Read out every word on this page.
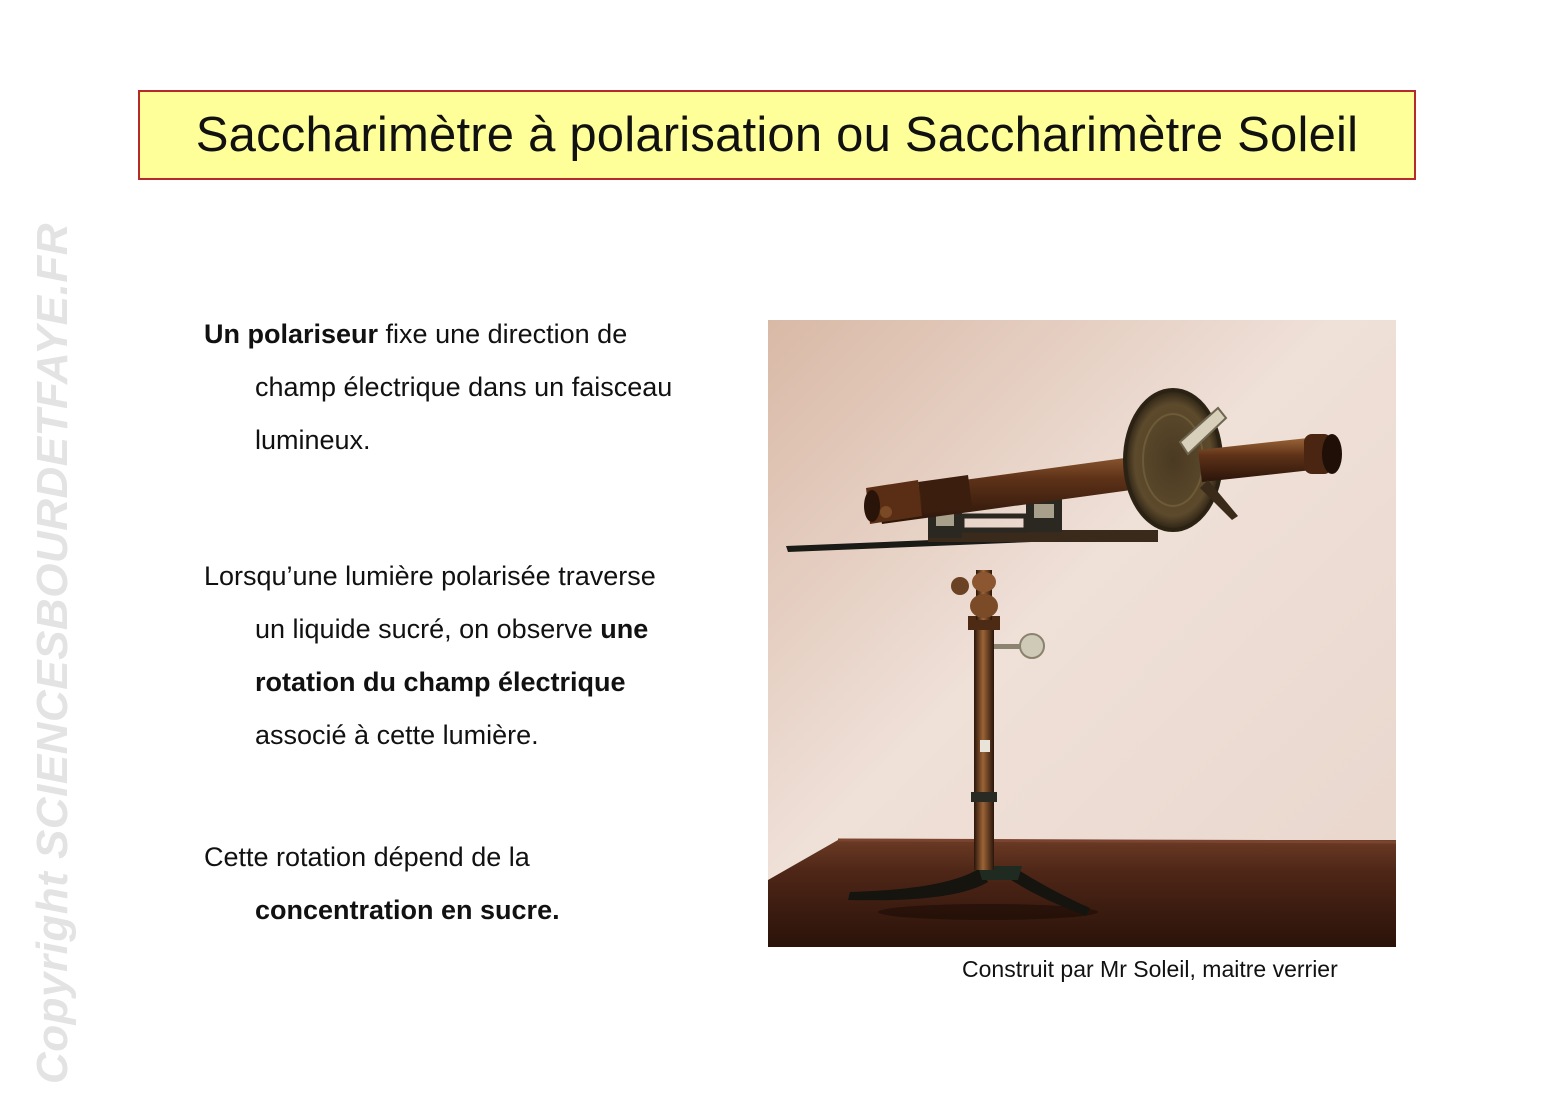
Saccharimètre à polarisation ou Saccharimètre Soleil
Copyright SCIENCESBOURDETFAYE.FR	Un polariseur fixe une direction de
champ électrique dans un faisceau
lumineux.
Lorsqu’une lumière polarisée traverse
un liquide sucré, on observe une
rotation du champ électrique
associé à cette lumière.
Cette rotation dépend de la
concentration en sucre.
Construit par Mr Soleil, maitre verrier
